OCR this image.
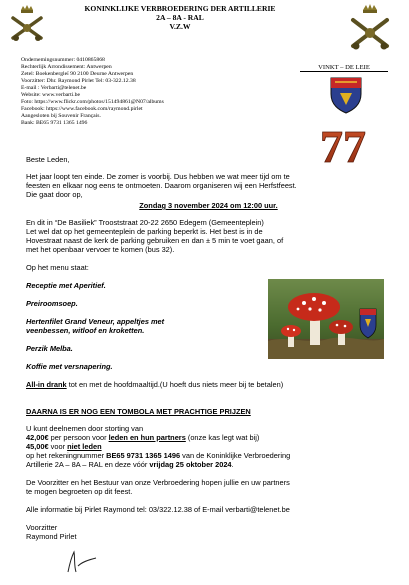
KONINKLIJKE VERBROEDERING DER ARTILLERIE
2A – 8A - RAL
V.Z.W
VINKT – DE LEIE
77
Ondernemingsnummer: 0410865868
Rechterlijk Arrondissement: Antwerpen
Zetel: Boekenbergleï 90 2100 Deurne Antwerpen
Voorzitter: Dhr. Raymond Pirlet Tel: 03-322.12.38
E-mail : Verbarti@telenet.be
Website: www.verbarti.be
Foto: https://www.flickr.com/photos/151494861@N07/albums
Facebook: https://www.facebook.com/raymond.pirlet
Aangesloten bij Souvenir Français.
Bank: BE65 9731 1365 1496
Beste Leden,
Het jaar loopt ten einde. De zomer is voorbij. Dus hebben we wat meer tijd om te
feesten en elkaar nog eens te ontmoeten. Daarom organiseren wij een Herfstfeest.
Die gaat door op,
Zondag 3 november 2024 om 12:00 uur.
En dit in “De Basiliek” Trooststraat 20-22 2650 Edegem (Gemeenteplein)
Let wel dat op het gemeenteplein de parking beperkt is. Het best is in de
Hovestraat naast de kerk de parking gebruiken en dan ± 5 min te voet gaan, of
met het openbaar vervoer te komen (bus 32).
Op het menu staat:
Receptie met Aperitief.
Preiroomsoep.
Hertenfilet Grand Veneur, appeltjes met
veenbessen, witloof en kroketten.
Perzik Melba.
Koffie met versnapering.
All-in drank tot en met de hoofdmaaltijd.(U hoeft dus niets meer bij te betalen)
DAARNA IS ER NOG EEN TOMBOLA MET PRACHTIGE PRIJZEN
U kunt deelnemen door storting van
42,00€ per persoon voor leden en hun partners (onze kas legt wat bij)
45,00€ voor niet leden
op het rekeningnummer BE65 9731 1365 1496 van de Koninklijke Verbroedering
Artillerie 2A – 8A – RAL en deze vóór vrijdag 25 oktober 2024.
De Voorzitter en het Bestuur van onze Verbroedering hopen jullie en uw partners
te mogen begroeten op dit feest.
Alle informatie bij Pirlet Raymond tel: 03/322.12.38 of E-mail verbarti@telenet.be
Voorzitter
Raymond Pirlet
